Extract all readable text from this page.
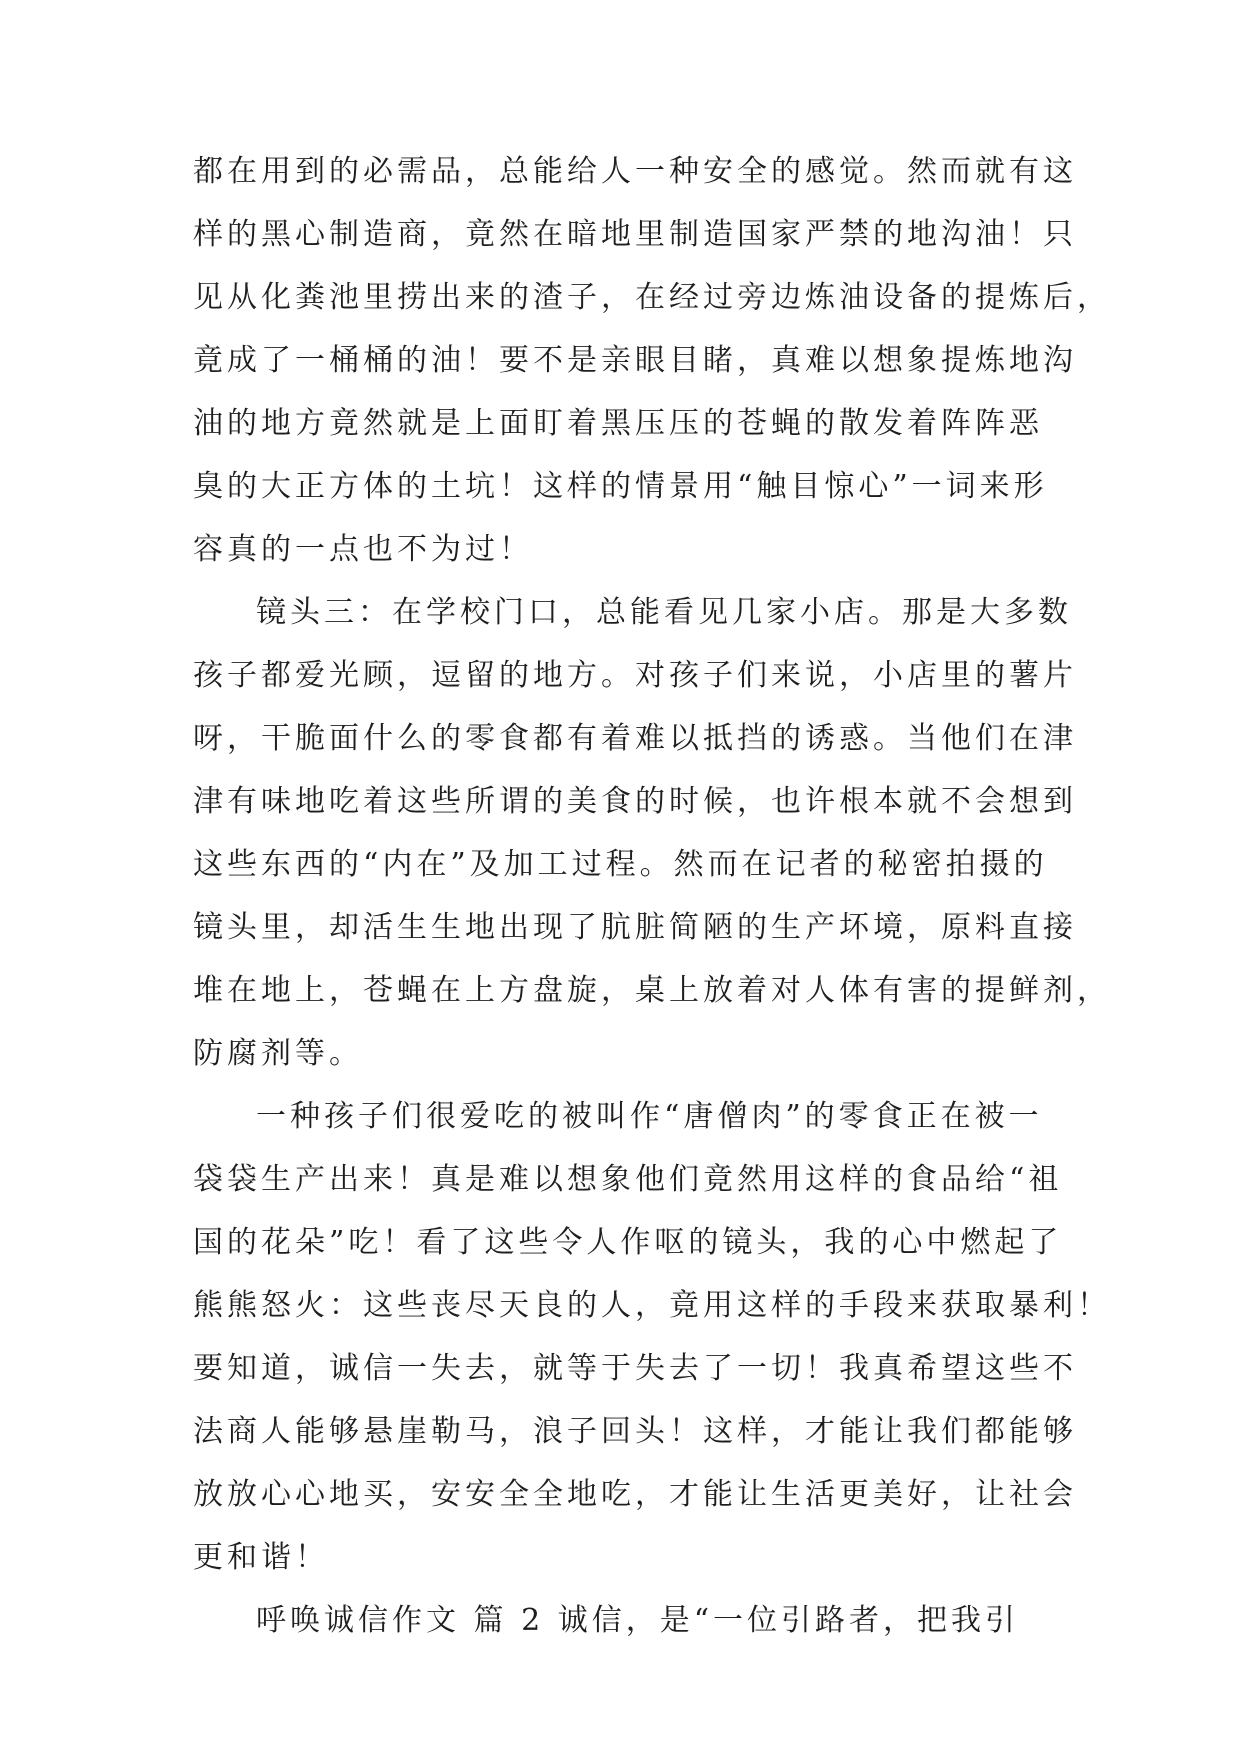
都在用到的必需品，总能给人一种安全的感觉。然而就有这
样的黑心制造商，竟然在暗地里制造国家严禁的地沟油！只
见从化粪池里捞出来的渣子，在经过旁边炼油设备的提炼后，
竟成了一桶桶的油！要不是亲眼目睹，真难以想象提炼地沟
油的地方竟然就是上面盯着黑压压的苍蝇的散发着阵阵恶
臭的大正方体的土坑！这样的情景用“触目惊心”一词来形
容真的一点也不为过！
镜头三：在学校门口，总能看见几家小店。那是大多数
孩子都爱光顾，逗留的地方。对孩子们来说，小店里的薯片
呀，干脆面什么的零食都有着难以抵挡的诱惑。当他们在津
津有味地吃着这些所谓的美食的时候，也许根本就不会想到
这些东西的“内在”及加工过程。然而在记者的秘密拍摄的
镜头里，却活生生地出现了肮脏简陋的生产坏境，原料直接
堆在地上，苍蝇在上方盘旋，桌上放着对人体有害的提鲜剂，
防腐剂等。
一种孩子们很爱吃的被叫作“唐僧肉”的零食正在被一
袋袋生产出来！真是难以想象他们竟然用这样的食品给“祖
国的花朵”吃！看了这些令人作呕的镜头，我的心中燃起了
熊熊怒火：这些丧尽天良的人，竟用这样的手段来获取暴利！
要知道，诚信一失去，就等于失去了一切！我真希望这些不
法商人能够悬崖勒马，浪子回头！这样，才能让我们都能够
放放心心地买，安安全全地吃，才能让生活更美好，让社会
更和谐！
呼唤诚信作文 篇 2 诚信，是“一位引路者，把我引
